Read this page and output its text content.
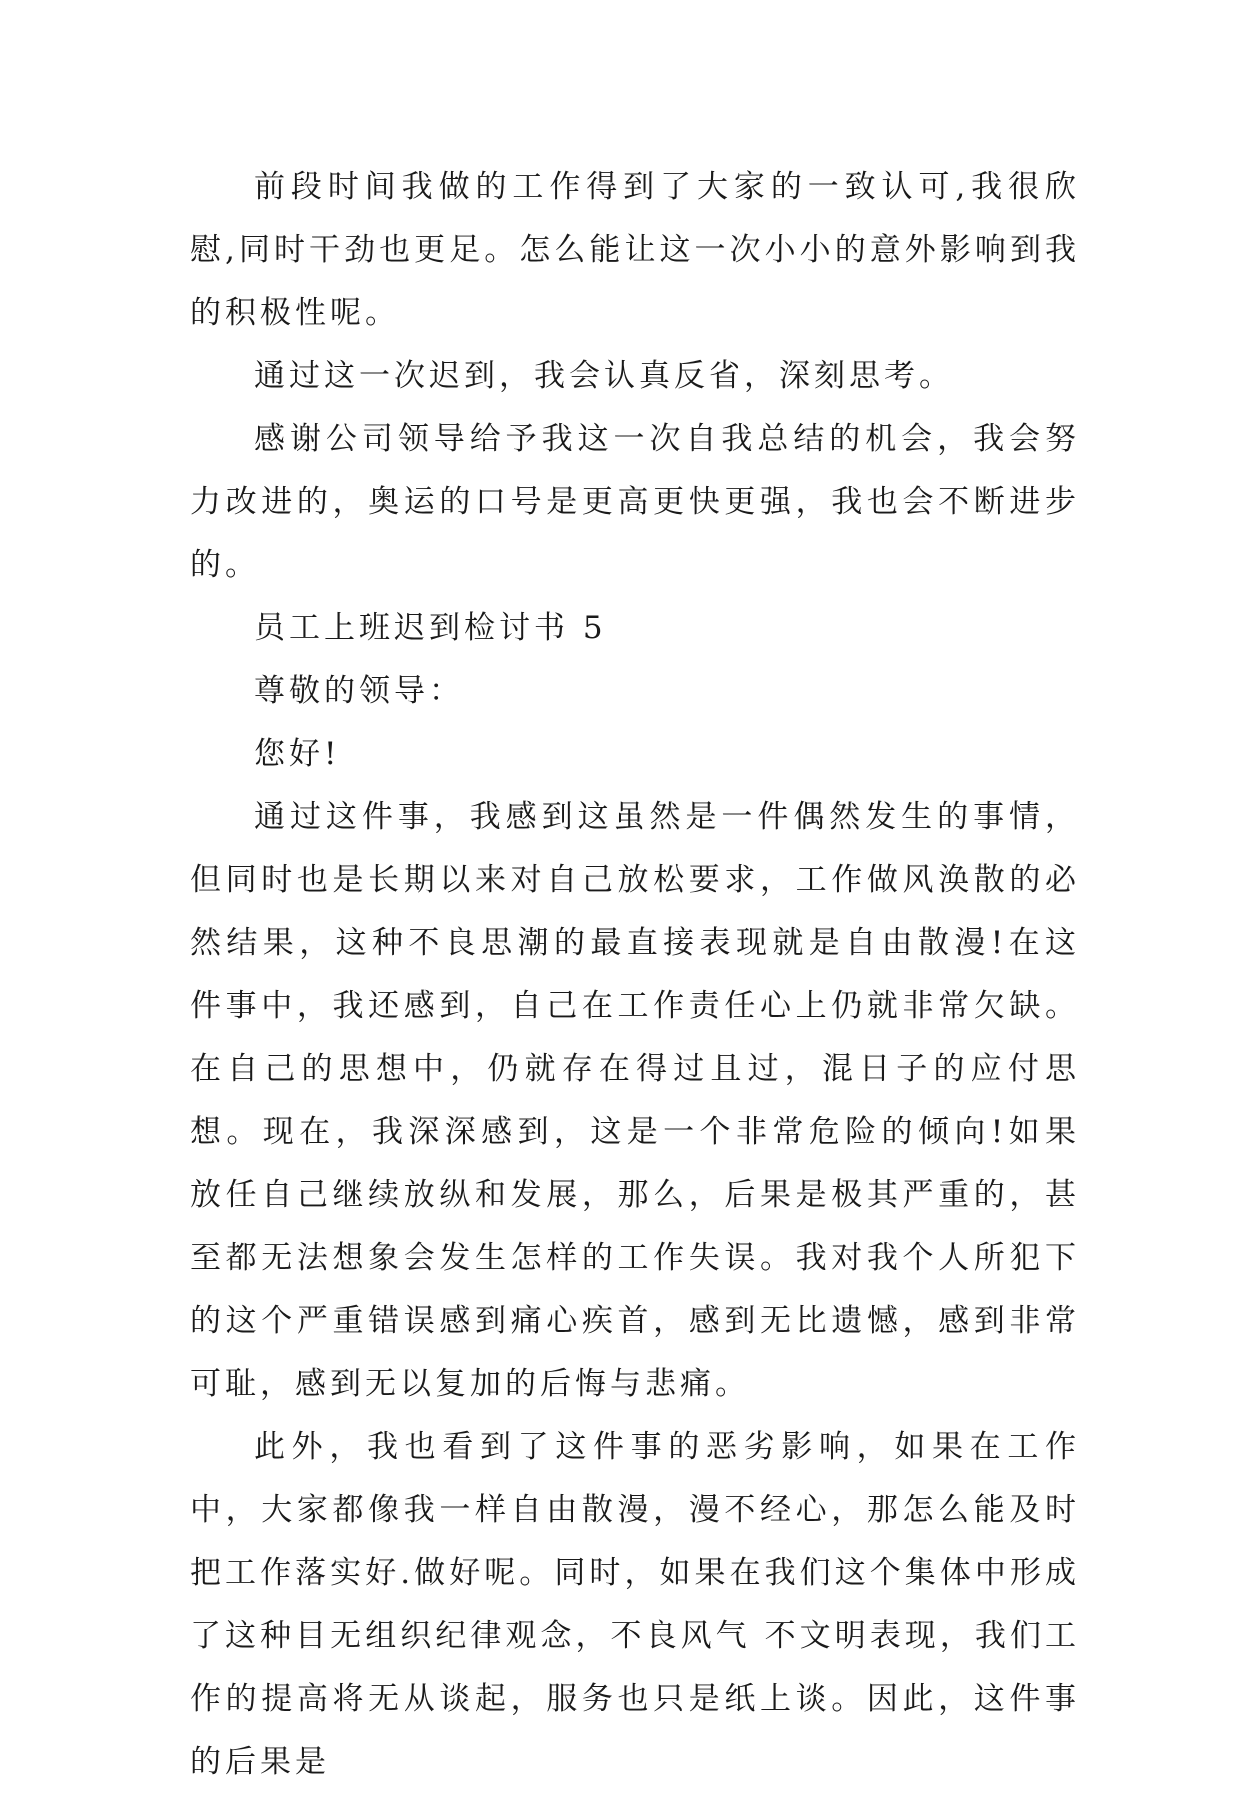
前段时间我做的工作得到了大家的一致认可,我很欣慰,同时干劲也更足。怎么能让这一次小小的意外影响到我的积极性呢。

通过这一次迟到，我会认真反省，深刻思考。

感谢公司领导给予我这一次自我总结的机会，我会努力改进的，奥运的口号是更高更快更强，我也会不断进步的。

员工上班迟到检讨书 5

尊敬的领导：

您好!

通过这件事，我感到这虽然是一件偶然发生的事情，但同时也是长期以来对自己放松要求，工作做风涣散的必然结果，这种不良思潮的最直接表现就是自由散漫!在这件事中，我还感到，自己在工作责任心上仍就非常欠缺。在自己的思想中，仍就存在得过且过，混日子的应付思想。现在，我深深感到，这是一个非常危险的倾向!如果放任自己继续放纵和发展，那么，后果是极其严重的，甚至都无法想象会发生怎样的工作失误。我对我个人所犯下的这个严重错误感到痛心疾首，感到无比遗憾，感到非常可耻，感到无以复加的后悔与悲痛。

此外，我也看到了这件事的恶劣影响，如果在工作中，大家都像我一样自由散漫，漫不经心，那怎么能及时把工作落实好.做好呢。同时，如果在我们这个集体中形成了这种目无组织纪律观念，不良风气 不文明表现，我们工作的提高将无从谈起，服务也只是纸上谈。因此，这件事的后果是
